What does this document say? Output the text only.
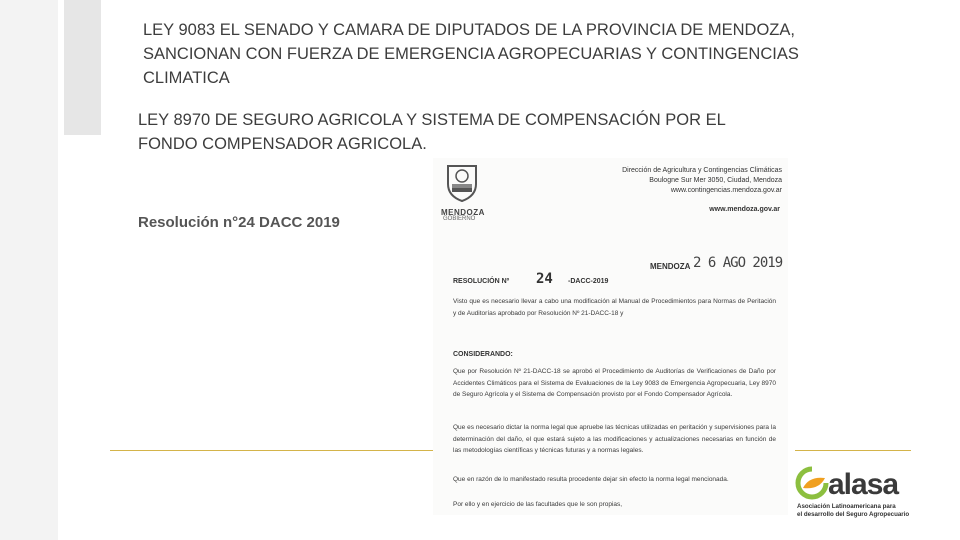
LEY 9083 EL SENADO Y CAMARA DE DIPUTADOS DE LA PROVINCIA DE MENDOZA, SANCIONAN CON FUERZA DE EMERGENCIA AGROPECUARIAS Y CONTINGENCIAS CLIMATICA
LEY 8970 DE SEGURO AGRICOLA Y SISTEMA DE COMPENSACIÓN POR EL FONDO COMPENSADOR AGRICOLA.
Resolución n°24 DACC 2019
MENDOZA
GOBIERNO
Dirección de Agricultura y Contingencias Climáticas
Boulogne Sur Mer 3050, Ciudad, Mendoza
www.contingencias.mendoza.gov.ar
www.mendoza.gov.ar
MENDOZA 2 6 AGO 2019
RESOLUCIÓN Nº 24 -DACC-2019
Visto que es necesario llevar a cabo una modificación al Manual de Procedimientos para Normas de Peritación y de Auditorías aprobado por Resolución Nº 21-DACC-18 y
CONSIDERANDO:
Que por Resolución Nº 21-DACC-18 se aprobó el Procedimiento de Auditorías de Verificaciones de Daño por Accidentes Climáticos para el Sistema de Evaluaciones de la Ley 9083 de Emergencia Agropecuaria, Ley 8970 de Seguro Agrícola y el Sistema de Compensación provisto por el Fondo Compensador Agrícola.
Que es necesario dictar la norma legal que apruebe las técnicas utilizadas en peritación y supervisiones para la determinación del daño, el que estará sujeto a las modificaciones y actualizaciones necesarias en función de las metodologías científicas y técnicas futuras y a normas legales.
Que en razón de lo manifestado resulta procedente dejar sin efecto la norma legal mencionada.
Por ello y en ejercicio de las facultades que le son propias,
alasa
Asociación Latinoamericana para
el desarrollo del Seguro Agropecuario
